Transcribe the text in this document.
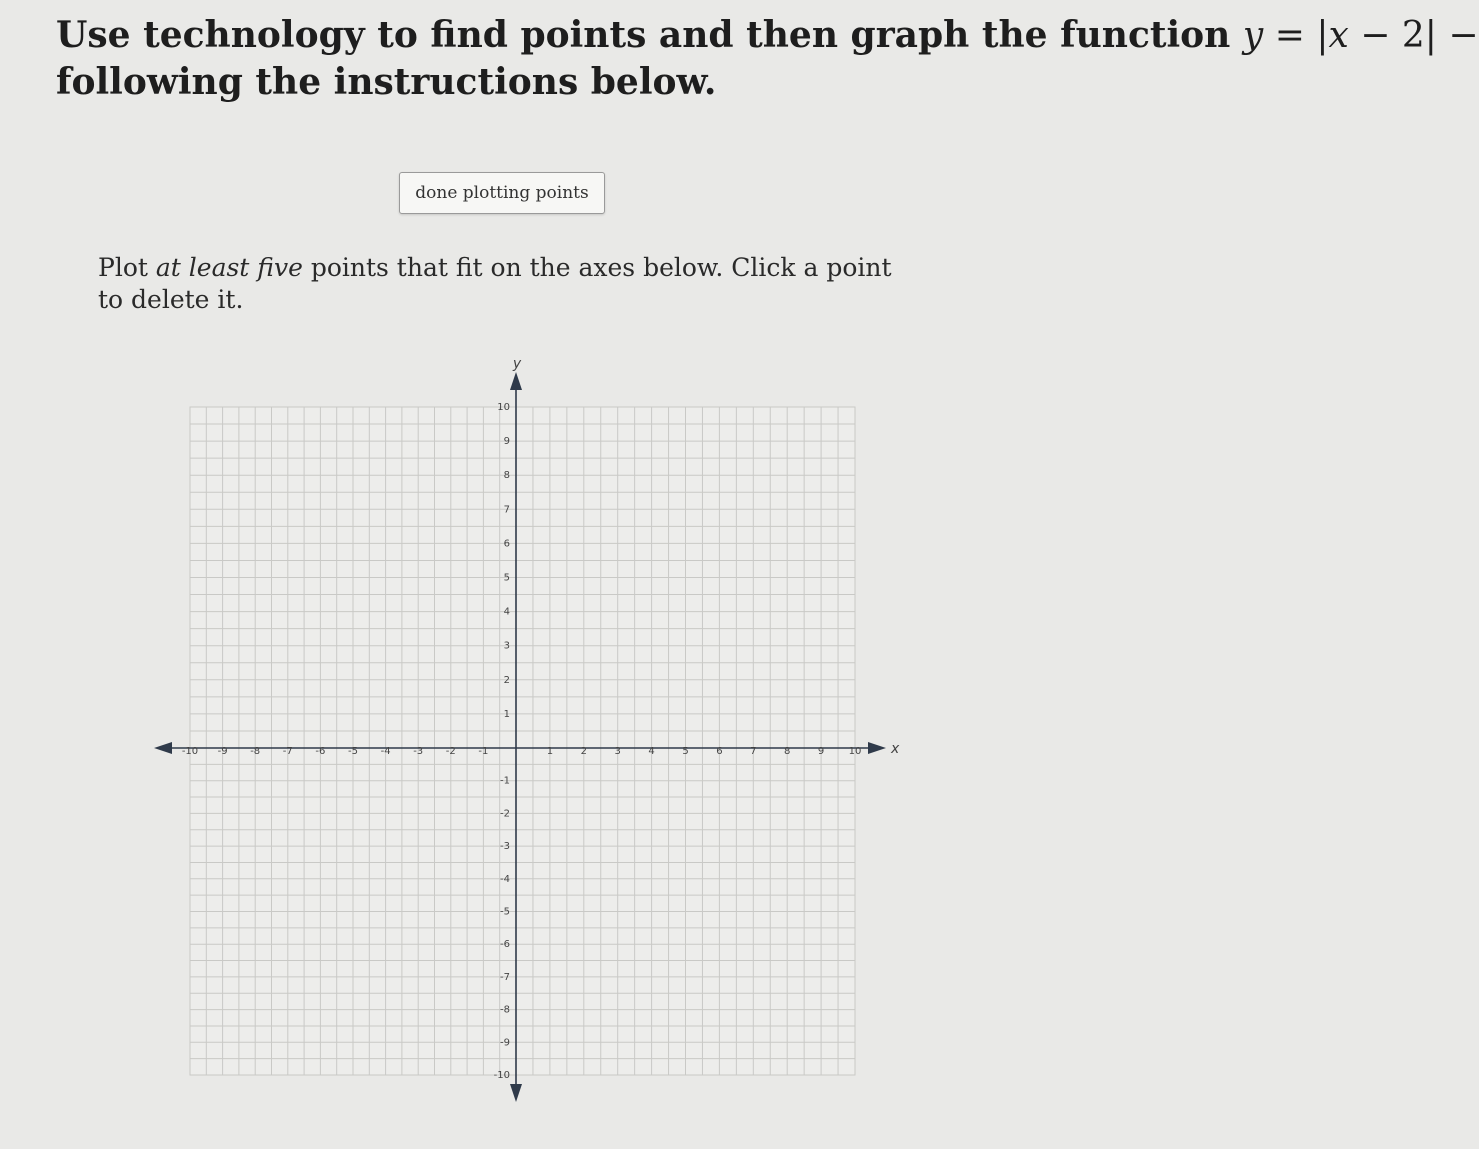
Use technology to find points and then graph the function y = |x − 2| −
following the instructions below.
done plotting points
Plot at least five points that fit on the axes below. Click a point to delete it.
x
y
-10 -9 -8 -7 -6 -5 -4 -3 -2 -1	1	2	3	4	5	6	7	8	9 10
10
9
8
7
6
5
4
3
2
1
-1
-2
-3
-4
-5
-6
-7
-8
-9
-10
